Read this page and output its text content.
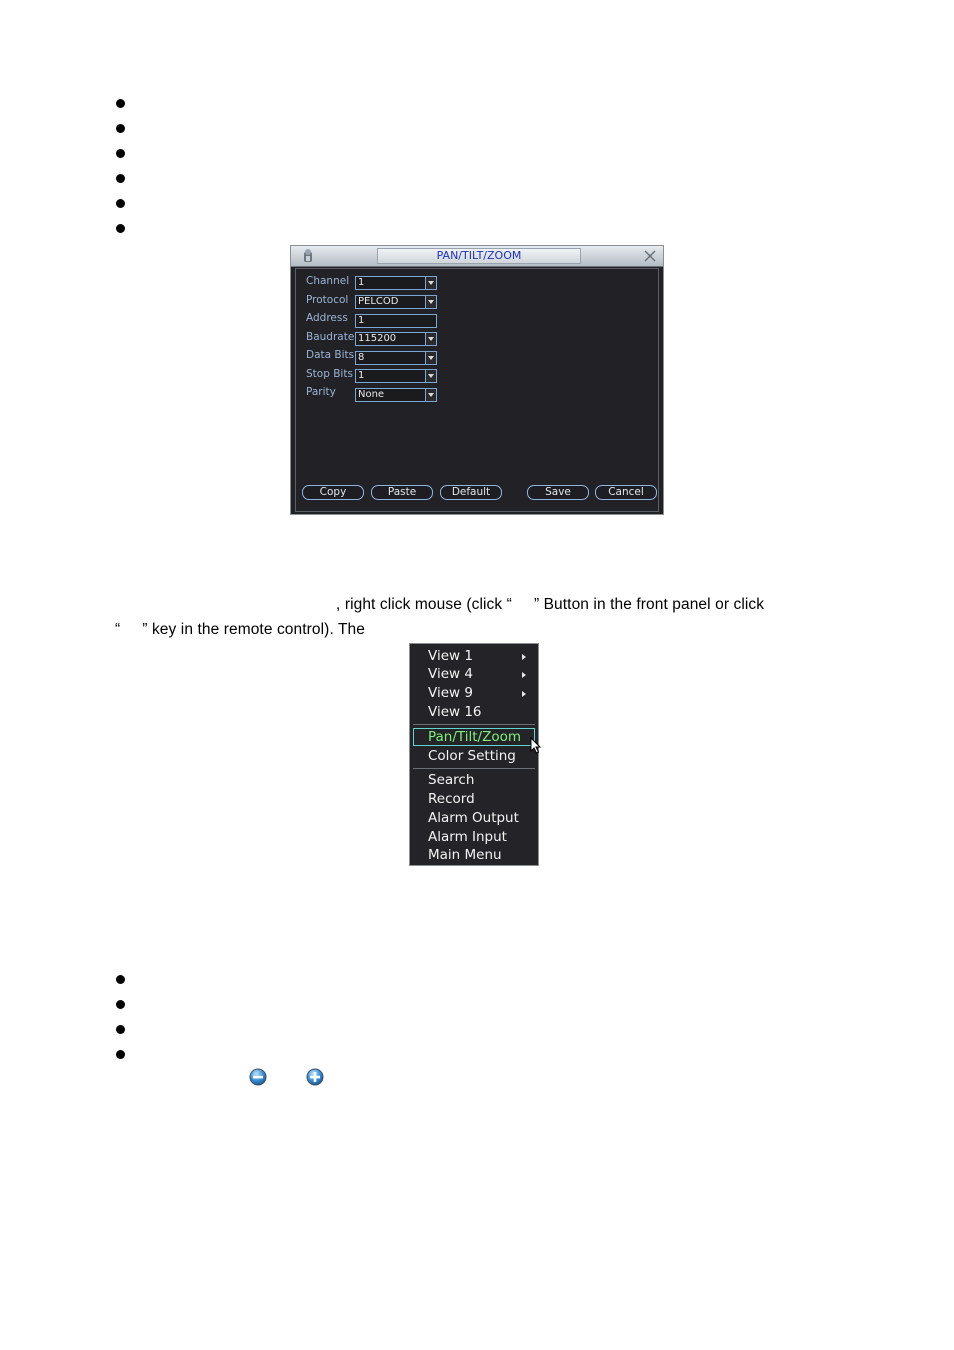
PAN/TILT/ZOOM
Channel 1
Protocol PELCOD
Address	1
Baudrate 115200
Data Bits 8
Stop Bits 1
Parity	None
Copy	Paste	Default	Save	Cancel
, right click mouse (click “     ” Button in the front panel or click
“     ” key in the remote control). The
View 1
View 4
View 9
View 16
Pan/Tilt/Zoom
Color Setting
Search
Record
Alarm Output
Alarm Input
Main Menu
